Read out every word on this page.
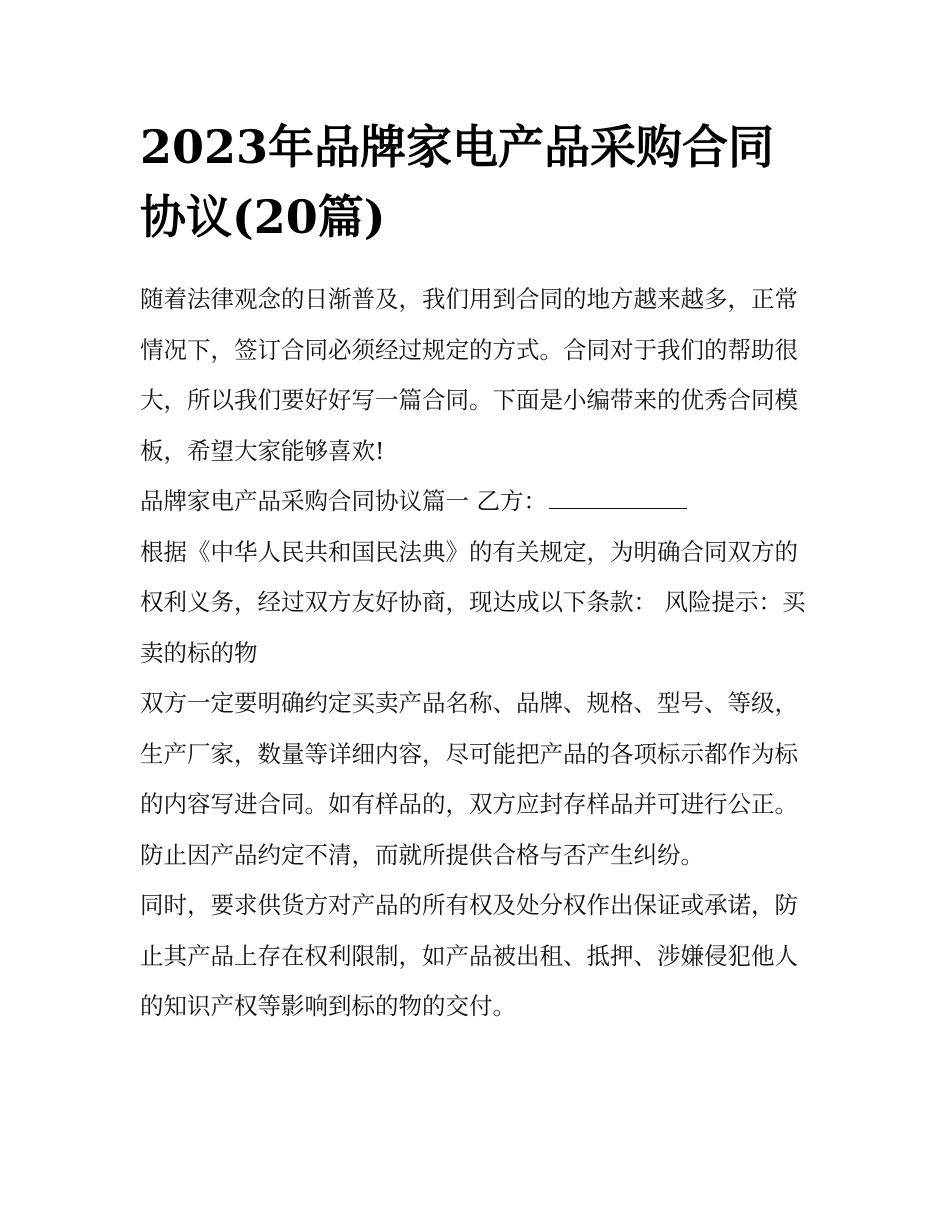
2023年品牌家电产品采购合同协议(20篇)

随着法律观念的日渐普及，我们用到合同的地方越来越多，正常情况下，签订合同必须经过规定的方式。合同对于我们的帮助很大，所以我们要好好写一篇合同。下面是小编带来的优秀合同模板，希望大家能够喜欢!

品牌家电产品采购合同协议篇一 乙方：

根据《中华人民共和国民法典》的有关规定，为明确合同双方的权利义务，经过双方友好协商，现达成以下条款： 风险提示：买卖的标的物

双方一定要明确约定买卖产品名称、品牌、规格、型号、等级，生产厂家，数量等详细内容，尽可能把产品的各项标示都作为标的内容写进合同。如有样品的，双方应封存样品并可进行公正。防止因产品约定不清，而就所提供合格与否产生纠纷。

同时，要求供货方对产品的所有权及处分权作出保证或承诺，防止其产品上存在权利限制，如产品被出租、抵押、涉嫌侵犯他人的知识产权等影响到标的物的交付。
